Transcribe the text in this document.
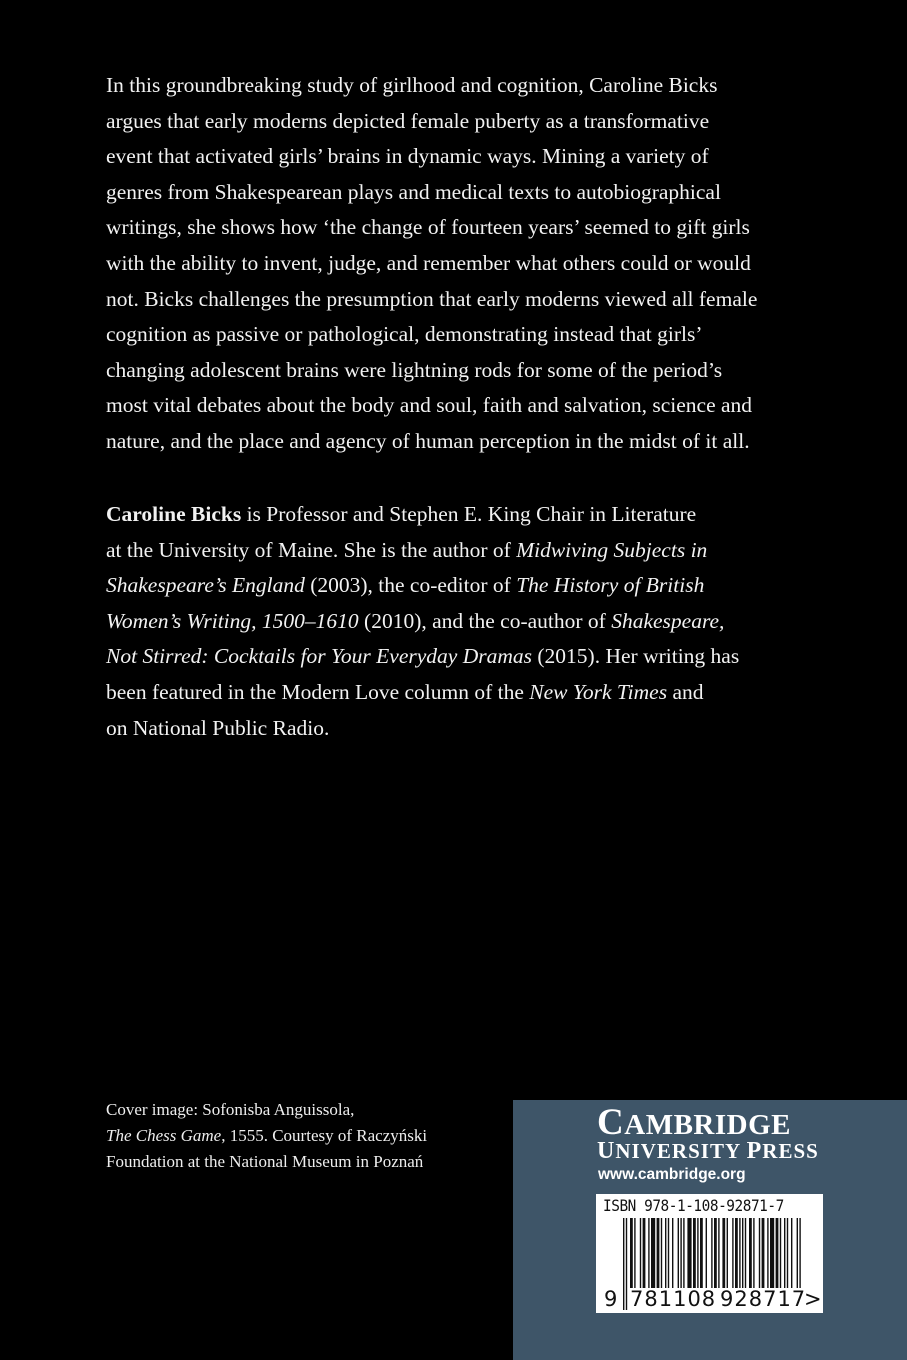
In this groundbreaking study of girlhood and cognition, Caroline Bicks
argues that early moderns depicted female puberty as a transformative
event that activated girls’ brains in dynamic ways. Mining a variety of
genres from Shakespearean plays and medical texts to autobiographical
writings, she shows how ‘the change of fourteen years’ seemed to gift girls
with the ability to invent, judge, and remember what others could or would
not. Bicks challenges the presumption that early moderns viewed all female
cognition as passive or pathological, demonstrating instead that girls’
changing adolescent brains were lightning rods for some of the period’s
most vital debates about the body and soul, faith and salvation, science and
nature, and the place and agency of human perception in the midst of it all.
Caroline Bicks is Professor and Stephen E. King Chair in Literature
at the University of Maine. She is the author of Midwiving Subjects in
Shakespeare’s England (2003), the co-editor of The History of British
Women’s Writing, 1500–1610 (2010), and the co-author of Shakespeare,
Not Stirred: Cocktails for Your Everyday Dramas (2015). Her writing has
been featured in the Modern Love column of the New York Times and
on National Public Radio.
Cover image: Sofonisba Anguissola,
The Chess Game, 1555. Courtesy of Raczyński
Foundation at the National Museum in Poznań
CAMBRIDGE
UNIVERSITY PRESS
www.cambridge.org
ISBN 978-1-108-92871-7
9 781108 928717
>
